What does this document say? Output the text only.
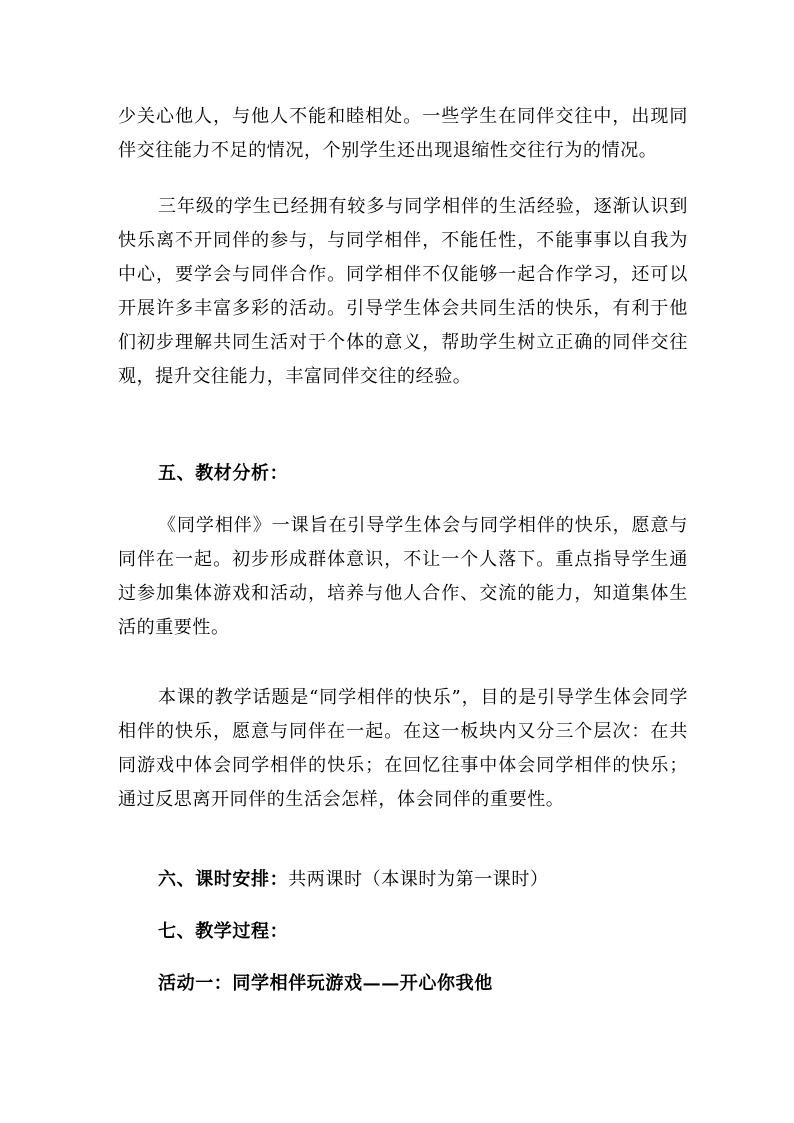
少关心他人，与他人不能和睦相处。一些学生在同伴交往中，出现同伴交往能力不足的情况，个别学生还出现退缩性交往行为的情况。

三年级的学生已经拥有较多与同学相伴的生活经验，逐渐认识到快乐离不开同伴的参与，与同学相伴，不能任性，不能事事以自我为中心，要学会与同伴合作。同学相伴不仅能够一起合作学习，还可以开展许多丰富多彩的活动。引导学生体会共同生活的快乐，有利于他们初步理解共同生活对于个体的意义，帮助学生树立正确的同伴交往观，提升交往能力，丰富同伴交往的经验。

五、教材分析：

《同学相伴》一课旨在引导学生体会与同学相伴的快乐，愿意与同伴在一起。初步形成群体意识，不让一个人落下。重点指导学生通过参加集体游戏和活动，培养与他人合作、交流的能力，知道集体生活的重要性。

本课的教学话题是“同学相伴的快乐”，目的是引导学生体会同学相伴的快乐，愿意与同伴在一起。在这一板块内又分三个层次：在共同游戏中体会同学相伴的快乐；在回忆往事中体会同学相伴的快乐；通过反思离开同伴的生活会怎样，体会同伴的重要性。

六、课时安排：共两课时（本课时为第一课时）

七、教学过程：

活动一：同学相伴玩游戏——开心你我他
